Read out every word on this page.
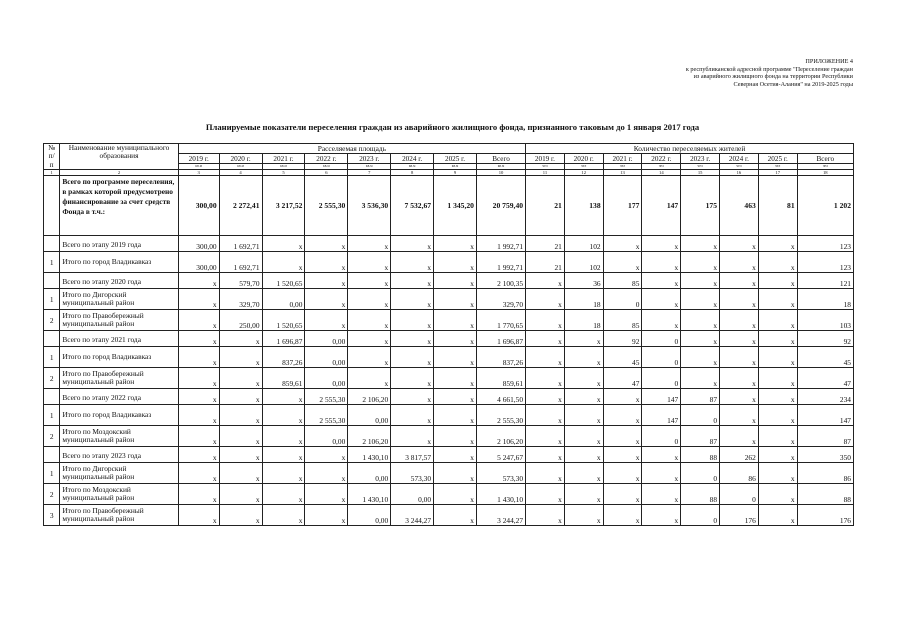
ПРИЛОЖЕНИЕ 4
к республиканской адресной программе "Переселение граждан
из аварийного жилищного фонда на территории Республики
Северная Осетия-Алания" на 2019-2025 годы
Планируемые показатели переселения граждан из аварийного жилищного фонда, признанного таковым до 1 января 2017 года
№ п/ п	Наименование муниципального образования	Расселяемая площадь								Количество переселяемых жителей							
		2019 г.	2020 г.	2021 г.	2022 г.	2023 г.	2024 г.	2025 г.	Всего	2019 г.	2020 г.	2021 г.	2022 г.	2023 г.	2024 г.	2025 г.	Всего
		кв.м	кв.м	кв.м	кв.м	кв.м	кв.м	кв.м	кв.м	чел	чел	чел	чел	чел	чел	чел	чел
1	2	3	4	5	6	7	8	9	10	11	12	13	14	15	16	17	18
	Всего по программе переселения, в рамках которой предусмотрено финансирование за счет средств Фонда в т.ч.:	300,00	2 272,41	3 217,52	2 555,30	3 536,30	7 532,67	1 345,20	20 759,40	21	138	177	147	175	463	81	1 202
	Всего по этапу 2019 года	300,00	1 692,71	x	x	x	x	x	1 992,71	21	102	x	x	x	x	x	123
1	Итого по город Владикавказ	300,00	1 692,71	x	x	x	x	x	1 992,71	21	102	x	x	x	x	x	123
	Всего по этапу 2020 года	x	579,70	1 520,65	x	x	x	x	2 100,35	x	36	85	x	x	x	x	121
1	Итого по Дигорский муниципальный район	x	329,70	0,00	x	x	x	x	329,70	x	18	0	x	x	x	x	18
2	Итого по Правобережный муниципальный район	x	250,00	1 520,65	x	x	x	x	1 770,65	x	18	85	x	x	x	x	103
	Всего по этапу 2021 года	x	x	1 696,87	0,00	x	x	x	1 696,87	x	x	92	0	x	x	x	92
1	Итого по город Владикавказ	x	x	837,26	0,00	x	x	x	837,26	x	x	45	0	x	x	x	45
2	Итого по Правобережный муниципальный район	x	x	859,61	0,00	x	x	x	859,61	x	x	47	0	x	x	x	47
	Всего по этапу 2022 года	x	x	x	2 555,30	2 106,20	x	x	4 661,50	x	x	x	147	87	x	x	234
1	Итого по город Владикавказ	x	x	x	2 555,30	0,00	x	x	2 555,30	x	x	x	147	0	x	x	147
2	Итого по Моздокский муниципальный район	x	x	x	0,00	2 106,20	x	x	2 106,20	x	x	x	0	87	x	x	87
	Всего по этапу 2023 года	x	x	x	x	1 430,10	3 817,57	x	5 247,67	x	x	x	x	88	262	x	350
1	Итого по Дигорский муниципальный район	x	x	x	x	0,00	573,30	x	573,30	x	x	x	x	0	86	x	86
2	Итого по Моздокский муниципальный район	x	x	x	x	1 430,10	0,00	x	1 430,10	x	x	x	x	88	0	x	88
3	Итого по Правобережный муниципальный район	x	x	x	x	0,00	3 244,27	x	3 244,27	x	x	x	x	0	176	x	176
